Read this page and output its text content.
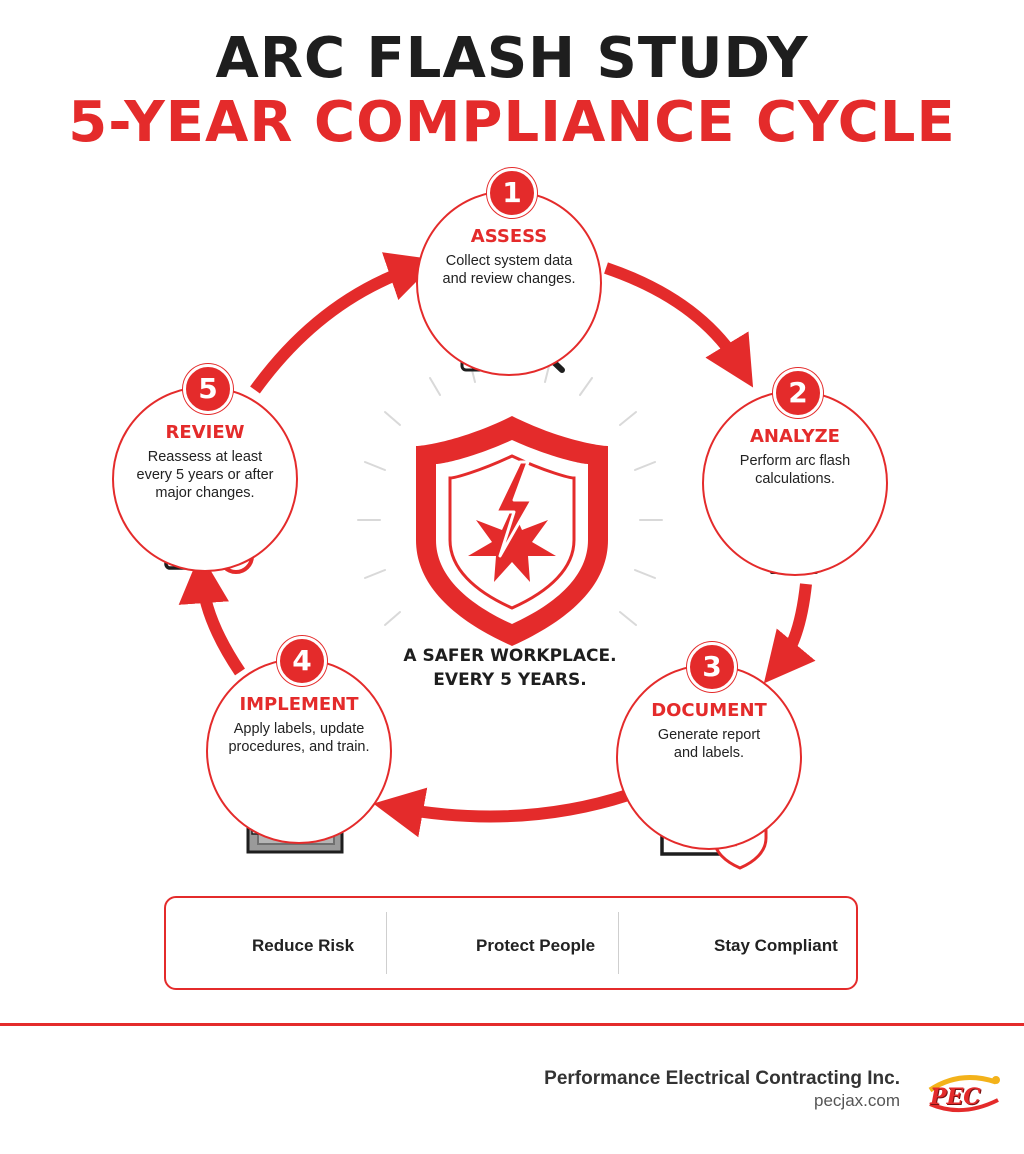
ARC FLASH STUDY
5-YEAR COMPLIANCE CYCLE
1
ASSESS
Collect system data and review changes.
2
ANALYZE
Perform arc flash calculations.
3
DOCUMENT
Generate report and labels.
4
IMPLEMENT
Apply labels, update procedures, and train.
5
REVIEW
Reassess at least every 5 years or after major changes.
A SAFER WORKPLACE.
EVERY 5 YEARS.
Reduce Risk	Protect People	Stay Compliant
Performance Electrical Contracting Inc.
pecjax.com PEC
